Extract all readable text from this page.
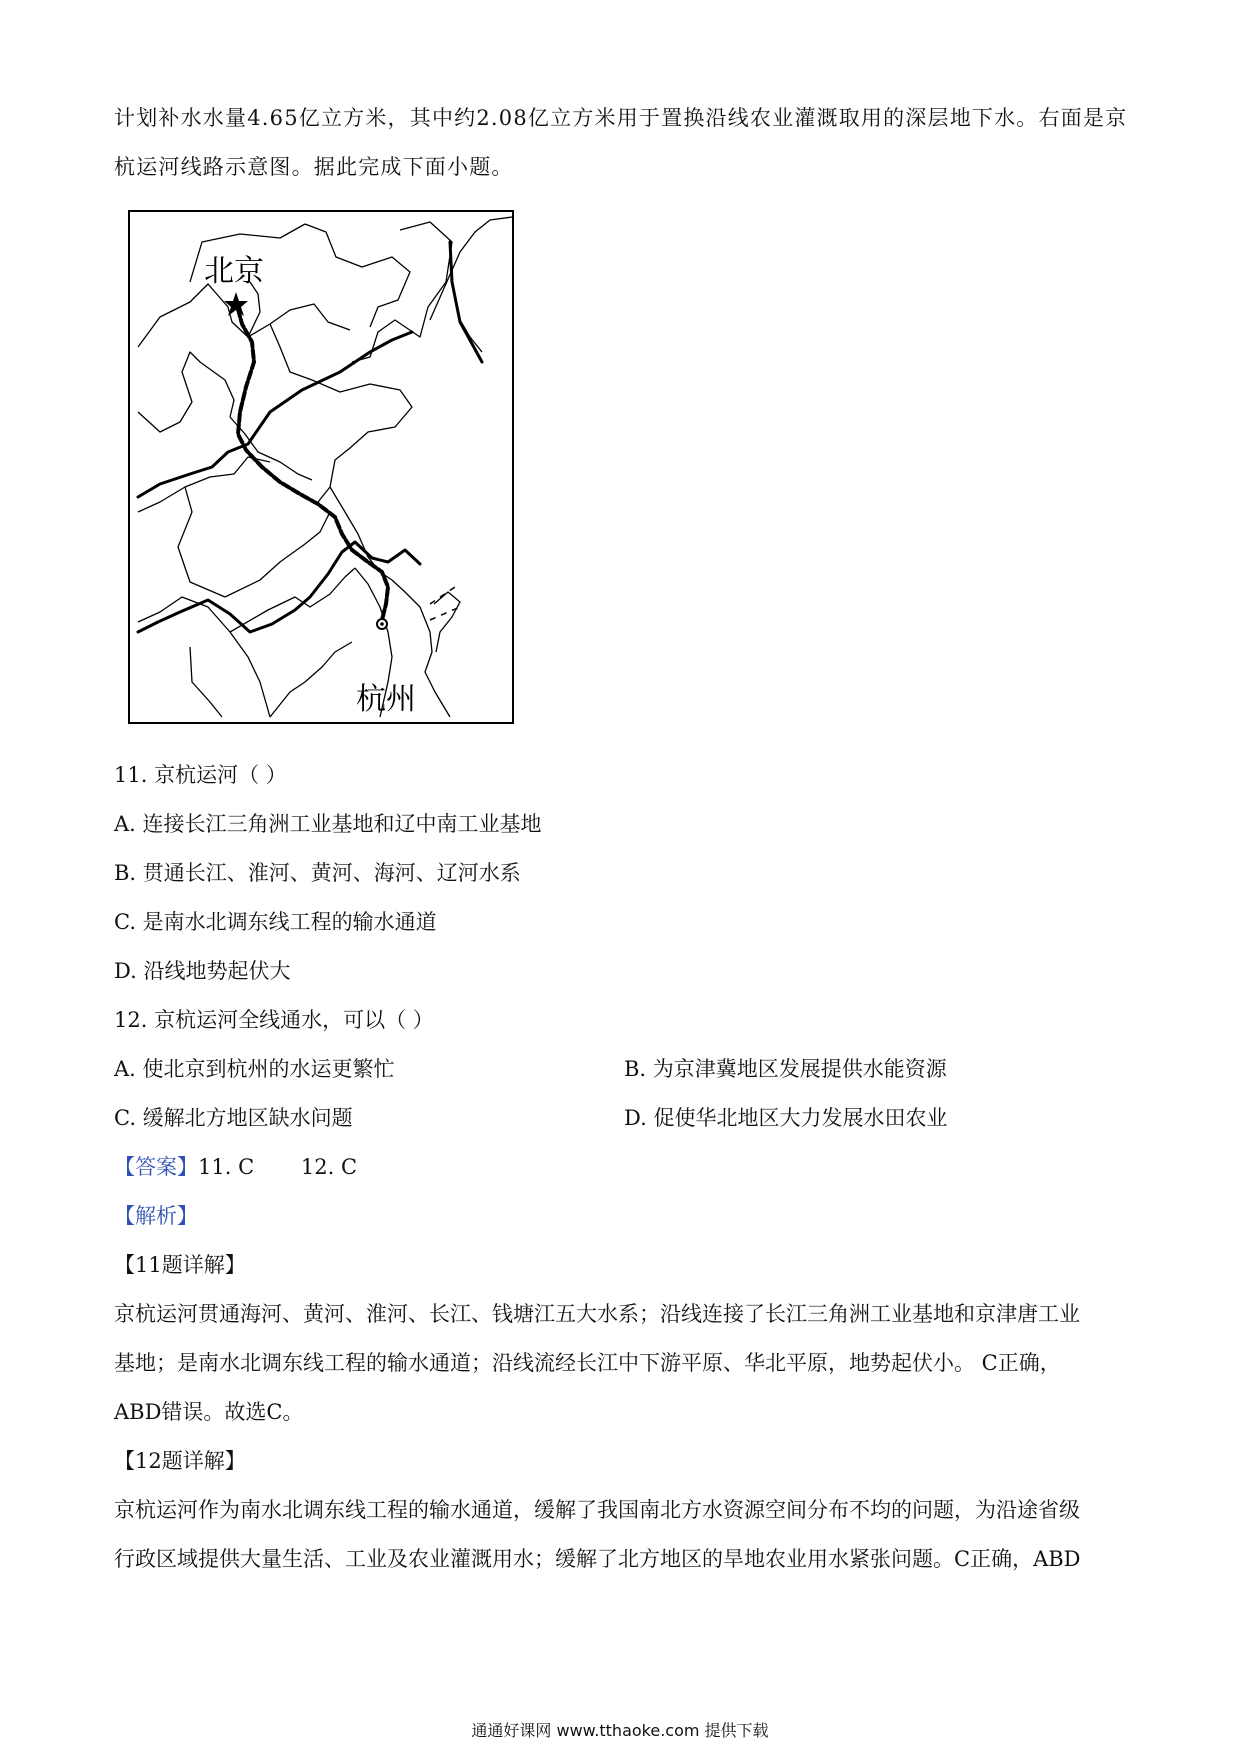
计划补水水量4.65亿立方米，其中约2.08亿立方米用于置换沿线农业灌溉取用的深层地下水。右面是京
杭运河线路示意图。据此完成下面小题。
北京
杭州
11. 京杭运河（ ）
A. 连接长江三角洲工业基地和辽中南工业基地
B. 贯通长江、淮河、黄河、海河、辽河水系
C. 是南水北调东线工程的输水通道
D. 沿线地势起伏大
12. 京杭运河全线通水，可以（ ）
A. 使北京到杭州的水运更繁忙	B. 为京津冀地区发展提供水能资源
C. 缓解北方地区缺水问题	D. 促使华北地区大力发展水田农业
【答案】11. C       12. C
【解析】
【11题详解】
京杭运河贯通海河、黄河、淮河、长江、钱塘江五大水系；沿线连接了长江三角洲工业基地和京津唐工业
基地；是南水北调东线工程的输水通道；沿线流经长江中下游平原、华北平原，地势起伏小。 C正确，
ABD错误。故选C。
【12题详解】
京杭运河作为南水北调东线工程的输水通道，缓解了我国南北方水资源空间分布不均的问题，为沿途省级
行政区域提供大量生活、工业及农业灌溉用水；缓解了北方地区的旱地农业用水紧张问题。C正确，ABD
通通好课网 www.tthaoke.com 提供下载
